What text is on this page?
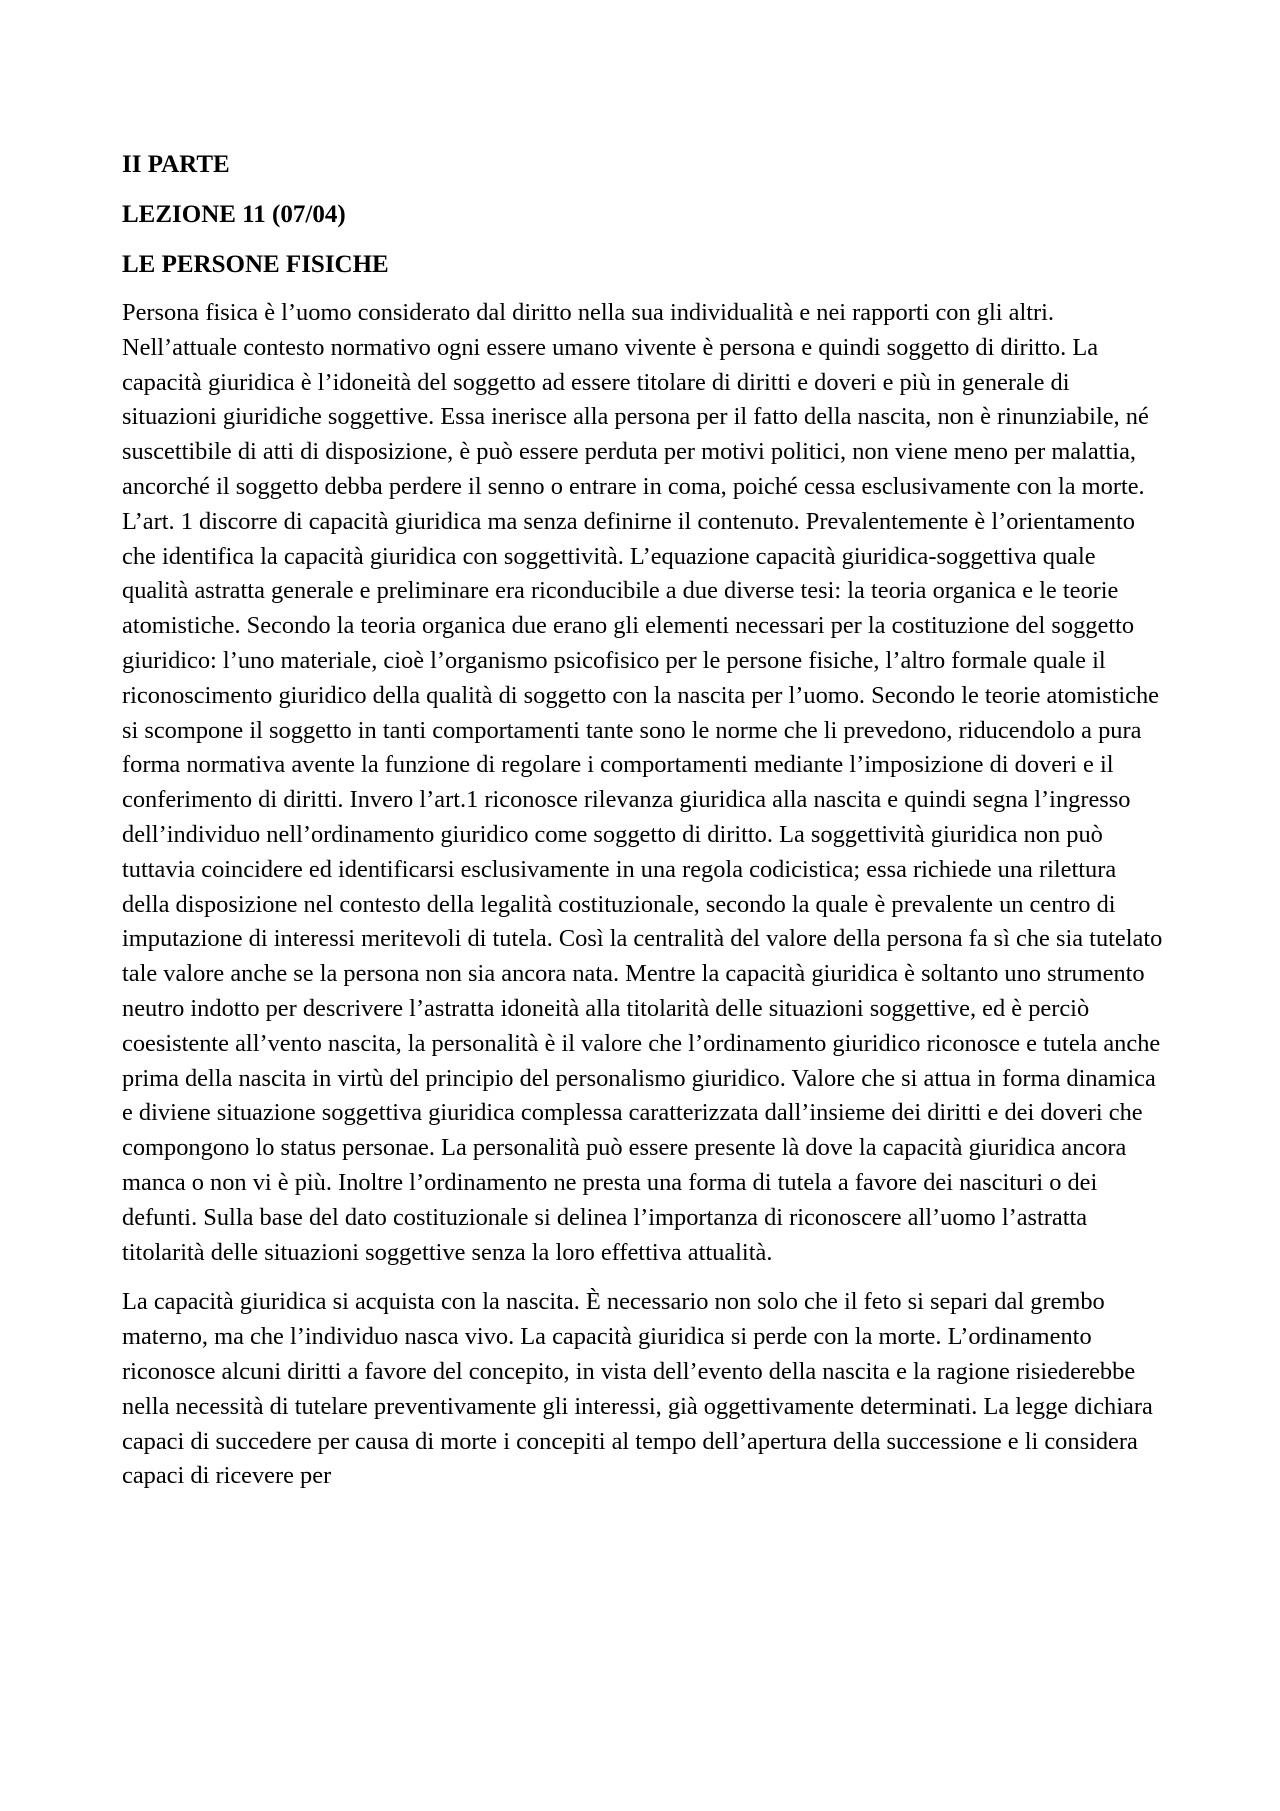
II PARTE
LEZIONE 11 (07/04)
LE PERSONE FISICHE

Persona fisica è l’uomo considerato dal diritto nella sua individualità e nei rapporti con gli altri. Nell’attuale contesto normativo ogni essere umano vivente è persona e quindi soggetto di diritto. La capacità giuridica è l’idoneità del soggetto ad essere titolare di diritti e doveri e più in generale di situazioni giuridiche soggettive. Essa inerisce alla persona per il fatto della nascita, non è rinunziabile, né suscettibile di atti di disposizione, è può essere perduta per motivi politici, non viene meno per malattia, ancorché il soggetto debba perdere il senno o entrare in coma, poiché cessa esclusivamente con la morte.

L’art. 1 discorre di capacità giuridica ma senza definirne il contenuto. Prevalentemente è l’orientamento che identifica la capacità giuridica con soggettività. L’equazione capacità giuridica-soggettiva quale qualità astratta generale e preliminare era riconducibile a due diverse tesi: la teoria organica e le teorie atomistiche. Secondo la teoria organica due erano gli elementi necessari per la costituzione del soggetto giuridico: l’uno materiale, cioè l’organismo psicofisico per le persone fisiche, l’altro formale quale il riconoscimento giuridico della qualità di soggetto con la nascita per l’uomo. Secondo le teorie atomistiche si scompone il soggetto in tanti comportamenti tante sono le norme che li prevedono, riducendolo a pura forma normativa avente la funzione di regolare i comportamenti mediante l’imposizione di doveri e il conferimento di diritti. Invero l’art.1 riconosce rilevanza giuridica alla nascita e quindi segna l’ingresso dell’individuo nell’ordinamento giuridico come soggetto di diritto. La soggettività giuridica non può tuttavia coincidere ed identificarsi esclusivamente in una regola codicistica; essa richiede una rilettura della disposizione nel contesto della legalità costituzionale, secondo la quale è prevalente un centro di imputazione di interessi meritevoli di tutela. Così la centralità del valore della persona fa sì che sia tutelato tale valore anche se la persona non sia ancora nata. Mentre la capacità giuridica è soltanto uno strumento neutro indotto per descrivere l’astratta idoneità alla titolarità delle situazioni soggettive, ed è perciò coesistente all’vento nascita, la personalità è il valore che l’ordinamento giuridico riconosce e tutela anche prima della nascita in virtù del principio del personalismo giuridico. Valore che si attua in forma dinamica e diviene situazione soggettiva giuridica complessa caratterizzata dall’insieme dei diritti e dei doveri che compongono lo status personae. La personalità può essere presente là dove la capacità giuridica ancora manca o non vi è più. Inoltre l’ordinamento ne presta una forma di tutela a favore dei nascituri o dei defunti. Sulla base del dato costituzionale si delinea l’importanza di riconoscere all’uomo l’astratta titolarità delle situazioni soggettive senza la loro effettiva attualità.

La capacità giuridica si acquista con la nascita. È necessario non solo che il feto si separi dal grembo materno, ma che l’individuo nasca vivo. La capacità giuridica si perde con la morte. L’ordinamento riconosce alcuni diritti a favore del concepito, in vista dell’evento della nascita e la ragione risiederebbe nella necessità di tutelare preventivamente gli interessi, già oggettivamente determinati. La legge dichiara capaci di succedere per causa di morte i concepiti al tempo dell’apertura della successione e li considera capaci di ricevere per
